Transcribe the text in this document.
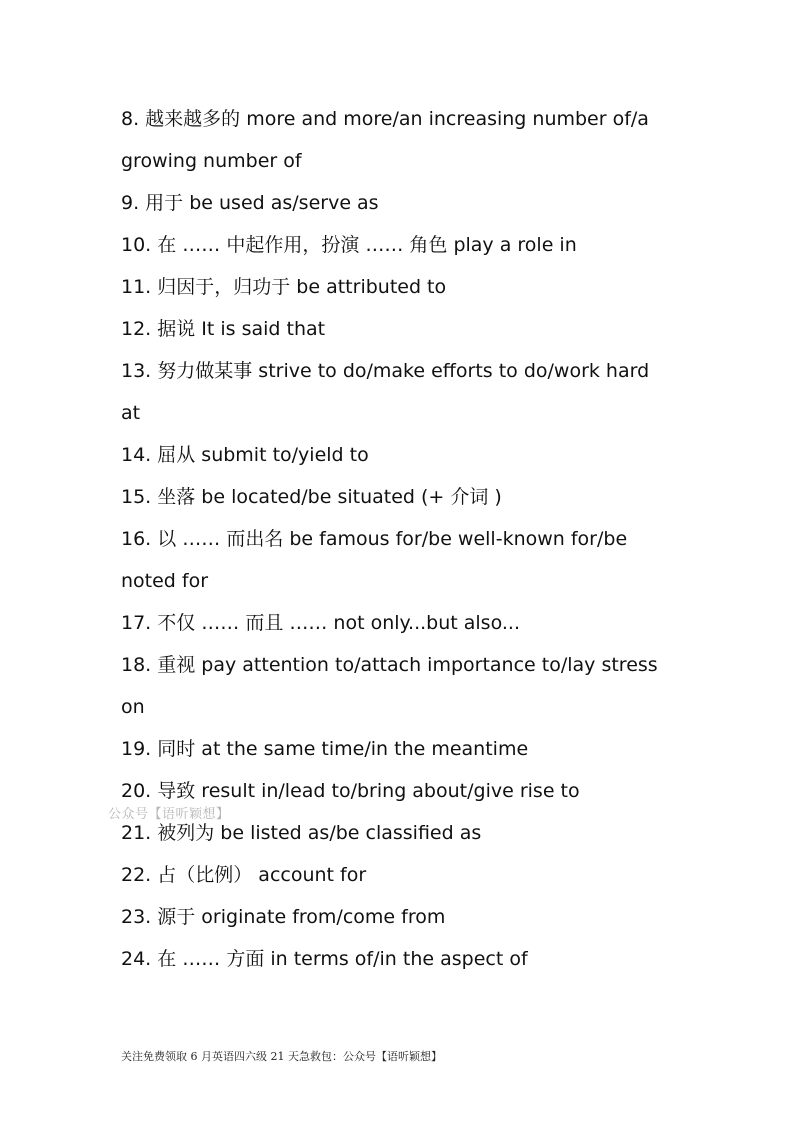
8. 越来越多的 more and more/an increasing number of/a
growing number of
9. 用于 be used as/serve as
10. 在 …… 中起作用，扮演 …… 角色 play a role in
11. 归因于，归功于 be attributed to
12. 据说 It is said that
13. 努力做某事 strive to do/make efforts to do/work hard
at
14. 屈从 submit to/yield to
15. 坐落 be located/be situated (+ 介词 )
16. 以 …… 而出名 be famous for/be well-known for/be
noted for
17. 不仅 …… 而且 …… not only...but also...
18. 重视 pay attention to/attach importance to/lay stress
on
19. 同时 at the same time/in the meantime
20. 导致 result in/lead to/bring about/give rise to
21. 被列为 be listed as/be classified as
22. 占（比例） account for
23. 源于 originate from/come from
24. 在 …… 方面 in terms of/in the aspect of
公众号【语听颖想】
关注免费领取 6 月英语四六级 21 天急救包：公众号【语听颖想】
